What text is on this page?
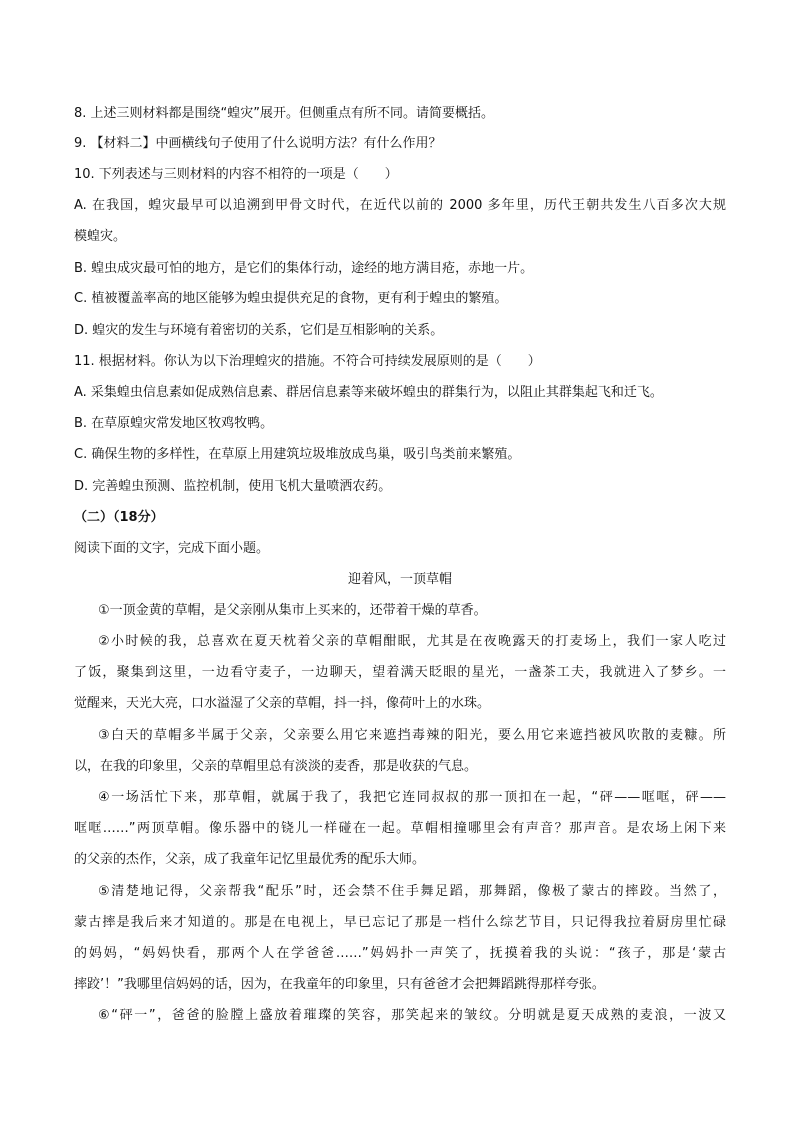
8. 上述三则材料都是围绕“蝗灾”展开。但侧重点有所不同。请简要概括。
9. 【材料二】中画横线句子使用了什么说明方法？有什么作用？
10. 下列表述与三则材料的内容不相符的一项是（　　）
A. 在我国，蝗灾最早可以追溯到甲骨文时代，在近代以前的 2000 多年里，历代王朝共发生八百多次大规
模蝗灾。
B. 蝗虫成灾最可怕的地方，是它们的集体行动，途经的地方满目疮，赤地一片。
C. 植被覆盖率高的地区能够为蝗虫提供充足的食物，更有利于蝗虫的繁殖。
D. 蝗灾的发生与环境有着密切的关系，它们是互相影响的关系。
11. 根据材料。你认为以下治理蝗灾的措施。不符合可持续发展原则的是（　　）
A. 采集蝗虫信息素如促成熟信息素、群居信息素等来破坏蝗虫的群集行为，以阻止其群集起飞和迁飞。
B. 在草原蝗灾常发地区牧鸡牧鸭。
C. 确保生物的多样性，在草原上用建筑垃圾堆放成鸟巢，吸引鸟类前来繁殖。
D. 完善蝗虫预测、监控机制，使用飞机大量喷洒农药。
（二）（18分）
阅读下面的文字，完成下面小题。
迎着风，一顶草帽
①一顶金黄的草帽，是父亲刚从集市上买来的，还带着干燥的草香。
②小时候的我，总喜欢在夏天枕着父亲的草帽酣眠，尤其是在夜晚露天的打麦场上，我们一家人吃过
了饭，聚集到这里，一边看守麦子，一边聊天，望着满天眨眼的星光，一盏茶工夫，我就进入了梦乡。一
觉醒来，天光大亮，口水溢湿了父亲的草帽，抖一抖，像荷叶上的水珠。
③白天的草帽多半属于父亲，父亲要么用它来遮挡毒辣的阳光，要么用它来遮挡被风吹散的麦糠。所
以，在我的印象里，父亲的草帽里总有淡淡的麦香，那是收获的气息。
④一场活忙下来，那草帽，就属于我了，我把它连同叔叔的那一顶扣在一起，“砰——哐哐，砰——
哐哐……”两顶草帽。像乐器中的铙儿一样碰在一起。草帽相撞哪里会有声音？那声音。是农场上闲下来
的父亲的杰作，父亲，成了我童年记忆里最优秀的配乐大师。
⑤清楚地记得，父亲帮我“配乐”时，还会禁不住手舞足蹈，那舞蹈，像极了蒙古的摔跤。当然了，
蒙古摔是我后来才知道的。那是在电视上，早已忘记了那是一档什么综艺节目，只记得我拉着厨房里忙碌
的妈妈，“妈妈快看，那两个人在学爸爸……”妈妈扑一声笑了，抚摸着我的头说：“孩子，那是‘蒙古
摔跤’！”我哪里信妈妈的话，因为，在我童年的印象里，只有爸爸才会把舞蹈跳得那样夸张。
⑥“砰一”，爸爸的脸膛上盛放着璀璨的笑容，那笑起来的皱纹。分明就是夏天成熟的麦浪，一波又
